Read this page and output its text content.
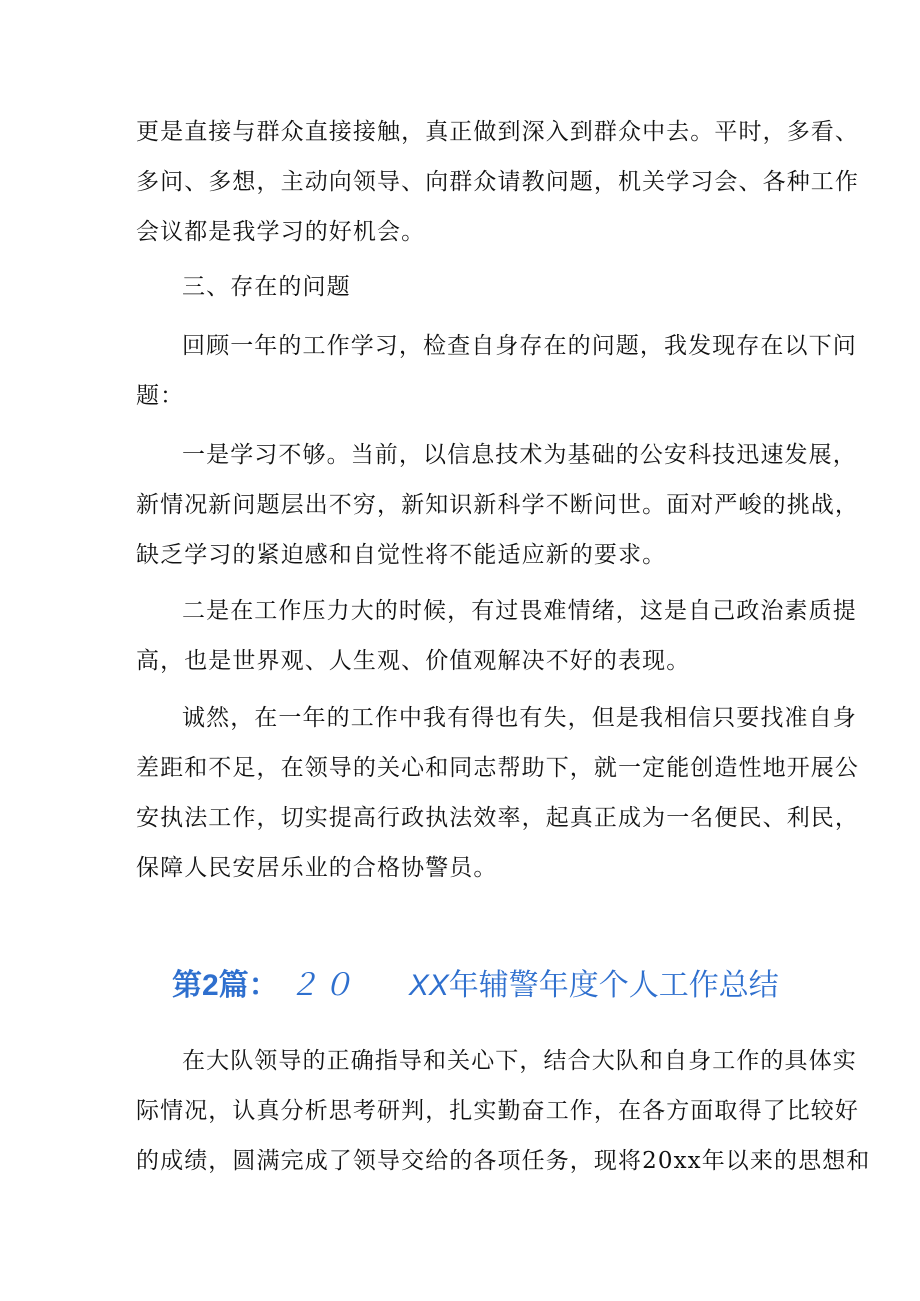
更是直接与群众直接接触，真正做到深入到群众中去。平时，多看、
多问、多想，主动向领导、向群众请教问题，机关学习会、各种工作
会议都是我学习的好机会。
三、存在的问题
回顾一年的工作学习，检查自身存在的问题，我发现存在以下问
题：
一是学习不够。当前，以信息技术为基础的公安科技迅速发展，
新情况新问题层出不穷，新知识新科学不断问世。面对严峻的挑战，
缺乏学习的紧迫感和自觉性将不能适应新的要求。
二是在工作压力大的时候，有过畏难情绪，这是自己政治素质提
高，也是世界观、人生观、价值观解决不好的表现。
诚然，在一年的工作中我有得也有失，但是我相信只要找准自身
差距和不足，在领导的关心和同志帮助下，就一定能创造性地开展公
安执法工作，切实提高行政执法效率，起真正成为一名便民、利民，
保障人民安居乐业的合格协警员。
第2篇： ２０ XX年辅警年度个人工作总结
在大队领导的正确指导和关心下，结合大队和自身工作的具体实
际情况，认真分析思考研判，扎实勤奋工作，在各方面取得了比较好
的成绩，圆满完成了领导交给的各项任务，现将20xx年以来的思想和
